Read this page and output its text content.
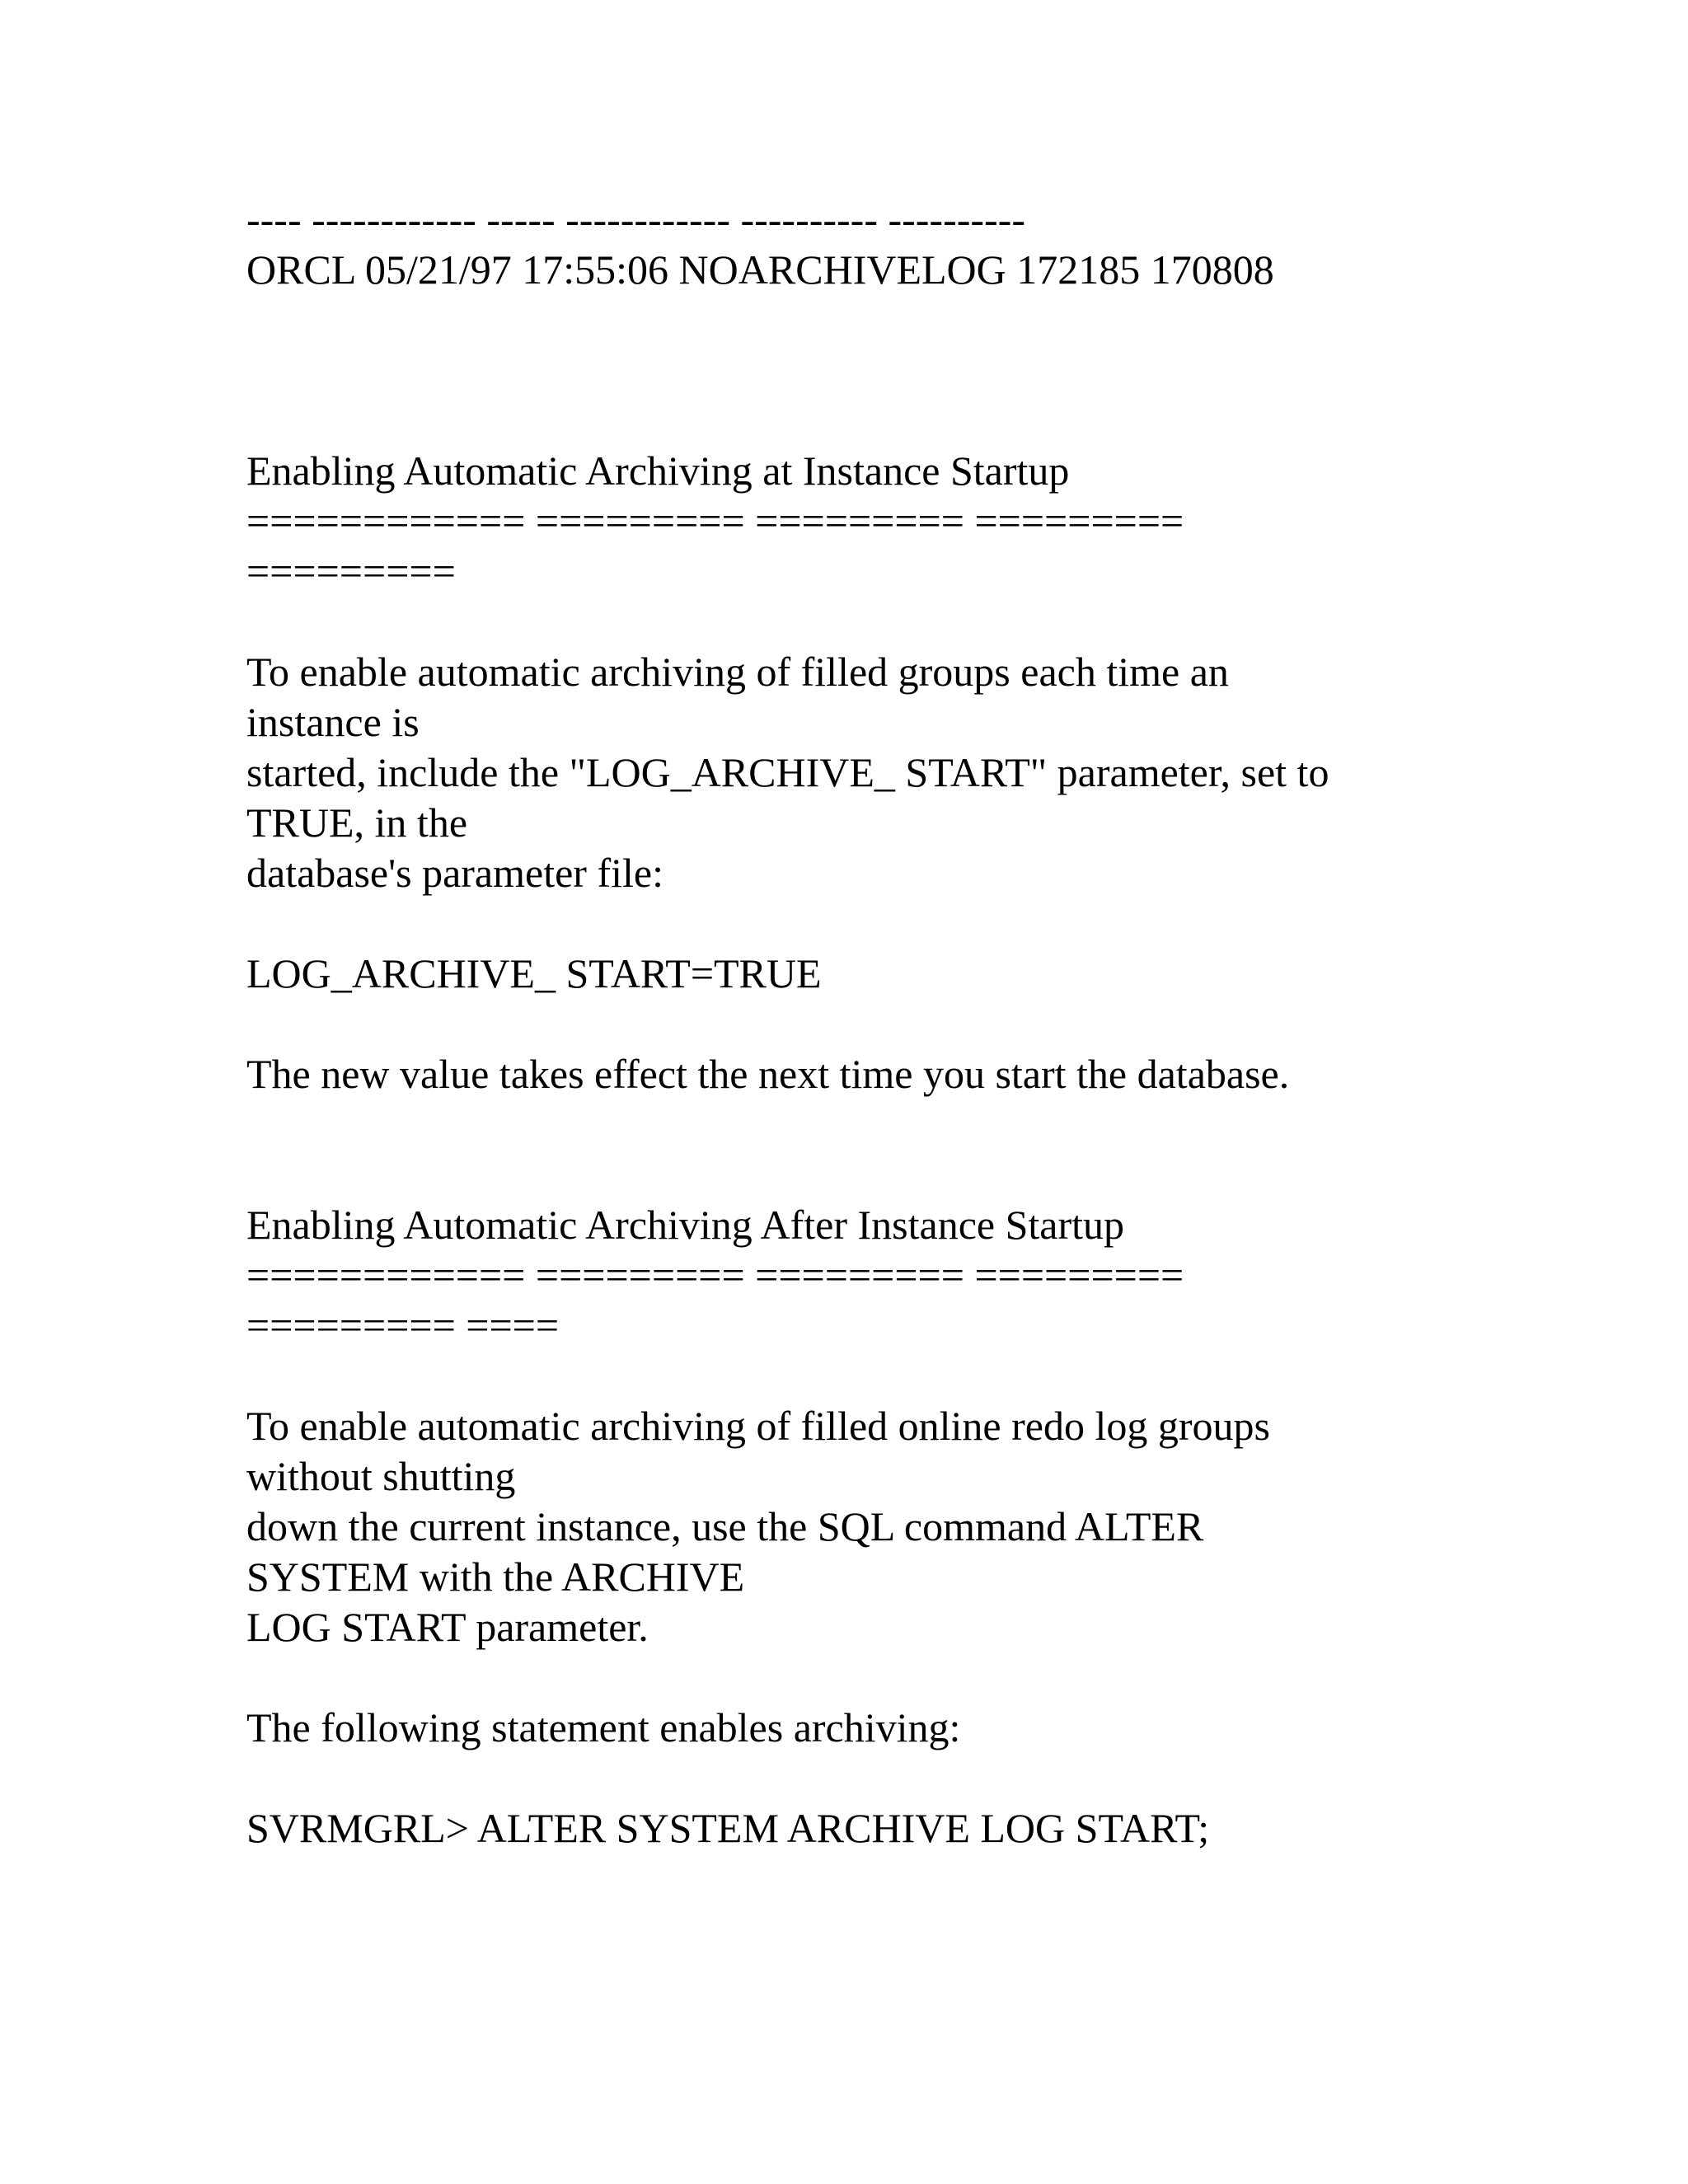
---- ------------ ----- ------------ ---------- ----------
ORCL 05/21/97 17:55:06 NOARCHIVELOG 172185 170808
Enabling Automatic Archiving at Instance Startup
============ ========= ========= =========
=========
To enable automatic archiving of filled groups each time an
instance is
started, include the "LOG_ARCHIVE_ START" parameter, set to
TRUE, in the
database's parameter file:
LOG_ARCHIVE_ START=TRUE
The new value takes effect the next time you start the database.
Enabling Automatic Archiving After Instance Startup
============ ========= ========= =========
========= ====
To enable automatic archiving of filled online redo log groups
without shutting
down the current instance, use the SQL command ALTER
SYSTEM with the ARCHIVE
LOG START parameter.
The following statement enables archiving:
SVRMGRL> ALTER SYSTEM ARCHIVE LOG START;
